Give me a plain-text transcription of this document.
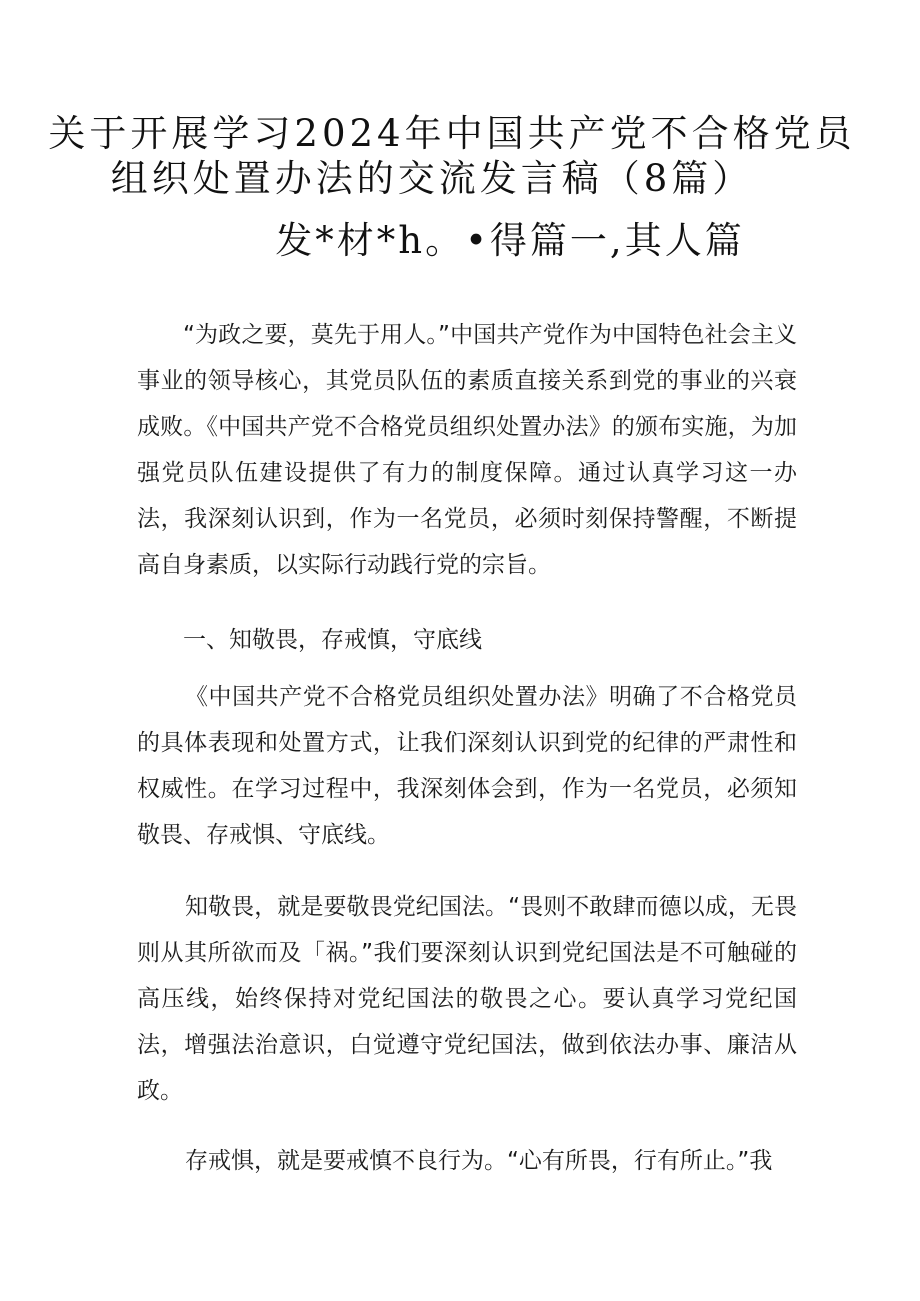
关于开展学习2024年中国共产党不合格党员
组织处置办法的交流发言稿（8篇）
发*材*h。•得篇一,其人篇
“为政之要，莫先于用人。”中国共产党作为中国特色社会主义事业的领导核心，其党员队伍的素质直接关系到党的事业的兴衰成败。《中国共产党不合格党员组织处置办法》的颁布实施，为加强党员队伍建设提供了有力的制度保障。通过认真学习这一办法，我深刻认识到，作为一名党员，必须时刻保持警醒，不断提高自身素质，以实际行动践行党的宗旨。
一、知敬畏，存戒慎，守底线
《中国共产党不合格党员组织处置办法》明确了不合格党员的具体表现和处置方式，让我们深刻认识到党的纪律的严肃性和权威性。在学习过程中，我深刻体会到，作为一名党员，必须知敬畏、存戒惧、守底线。
知敬畏，就是要敬畏党纪国法。“畏则不敢肆而德以成，无畏则从其所欲而及「祸。”我们要深刻认识到党纪国法是不可触碰的高压线，始终保持对党纪国法的敬畏之心。要认真学习党纪国法，增强法治意识，白觉遵守党纪国法，做到依法办事、廉洁从政。
存戒惧，就是要戒慎不良行为。“心有所畏，行有所止。”我
